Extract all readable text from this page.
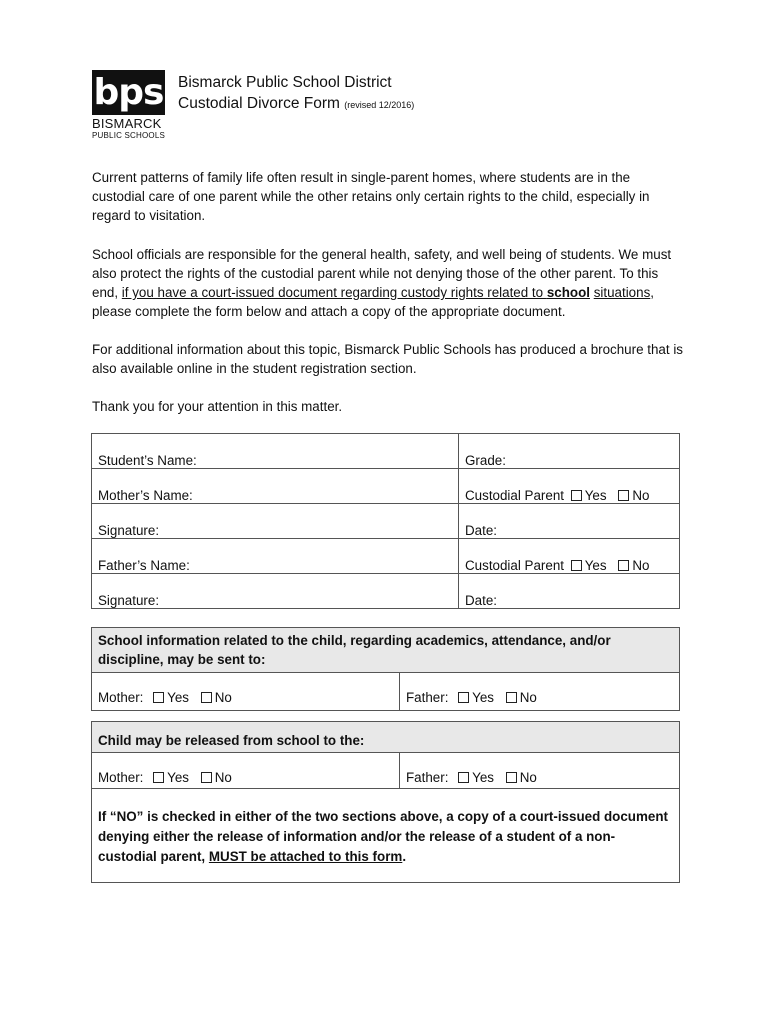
bps
BISMARCK
PUBLIC SCHOOLS
Bismarck Public School District
Custodial Divorce Form (revised 12/2016)
Current patterns of family life often result in single-parent homes, where students are in the custodial care of one parent while the other retains only certain rights to the child, especially in regard to visitation.
School officials are responsible for the general health, safety, and well being of students. We must also protect the rights of the custodial parent while not denying those of the other parent. To this end, if you have a court-issued document regarding custody rights related to school situations, please complete the form below and attach a copy of the appropriate document.
For additional information about this topic, Bismarck Public Schools has produced a brochure that is also available online in the student registration section.
Thank you for your attention in this matter.
Student’s Name:	Grade:
Mother’s Name:	Custodial Parent Yes No
Signature:	Date:
Father’s Name:	Custodial Parent Yes No
Signature:	Date:
School information related to the child, regarding academics, attendance, and/or discipline, may be sent to:
Mother: Yes No	Father: Yes No
Child may be released from school to the:
Mother: Yes No	Father: Yes No
If “NO” is checked in either of the two sections above, a copy of a court-issued document denying either the release of information and/or the release of a student of a non-custodial parent, MUST be attached to this form.
